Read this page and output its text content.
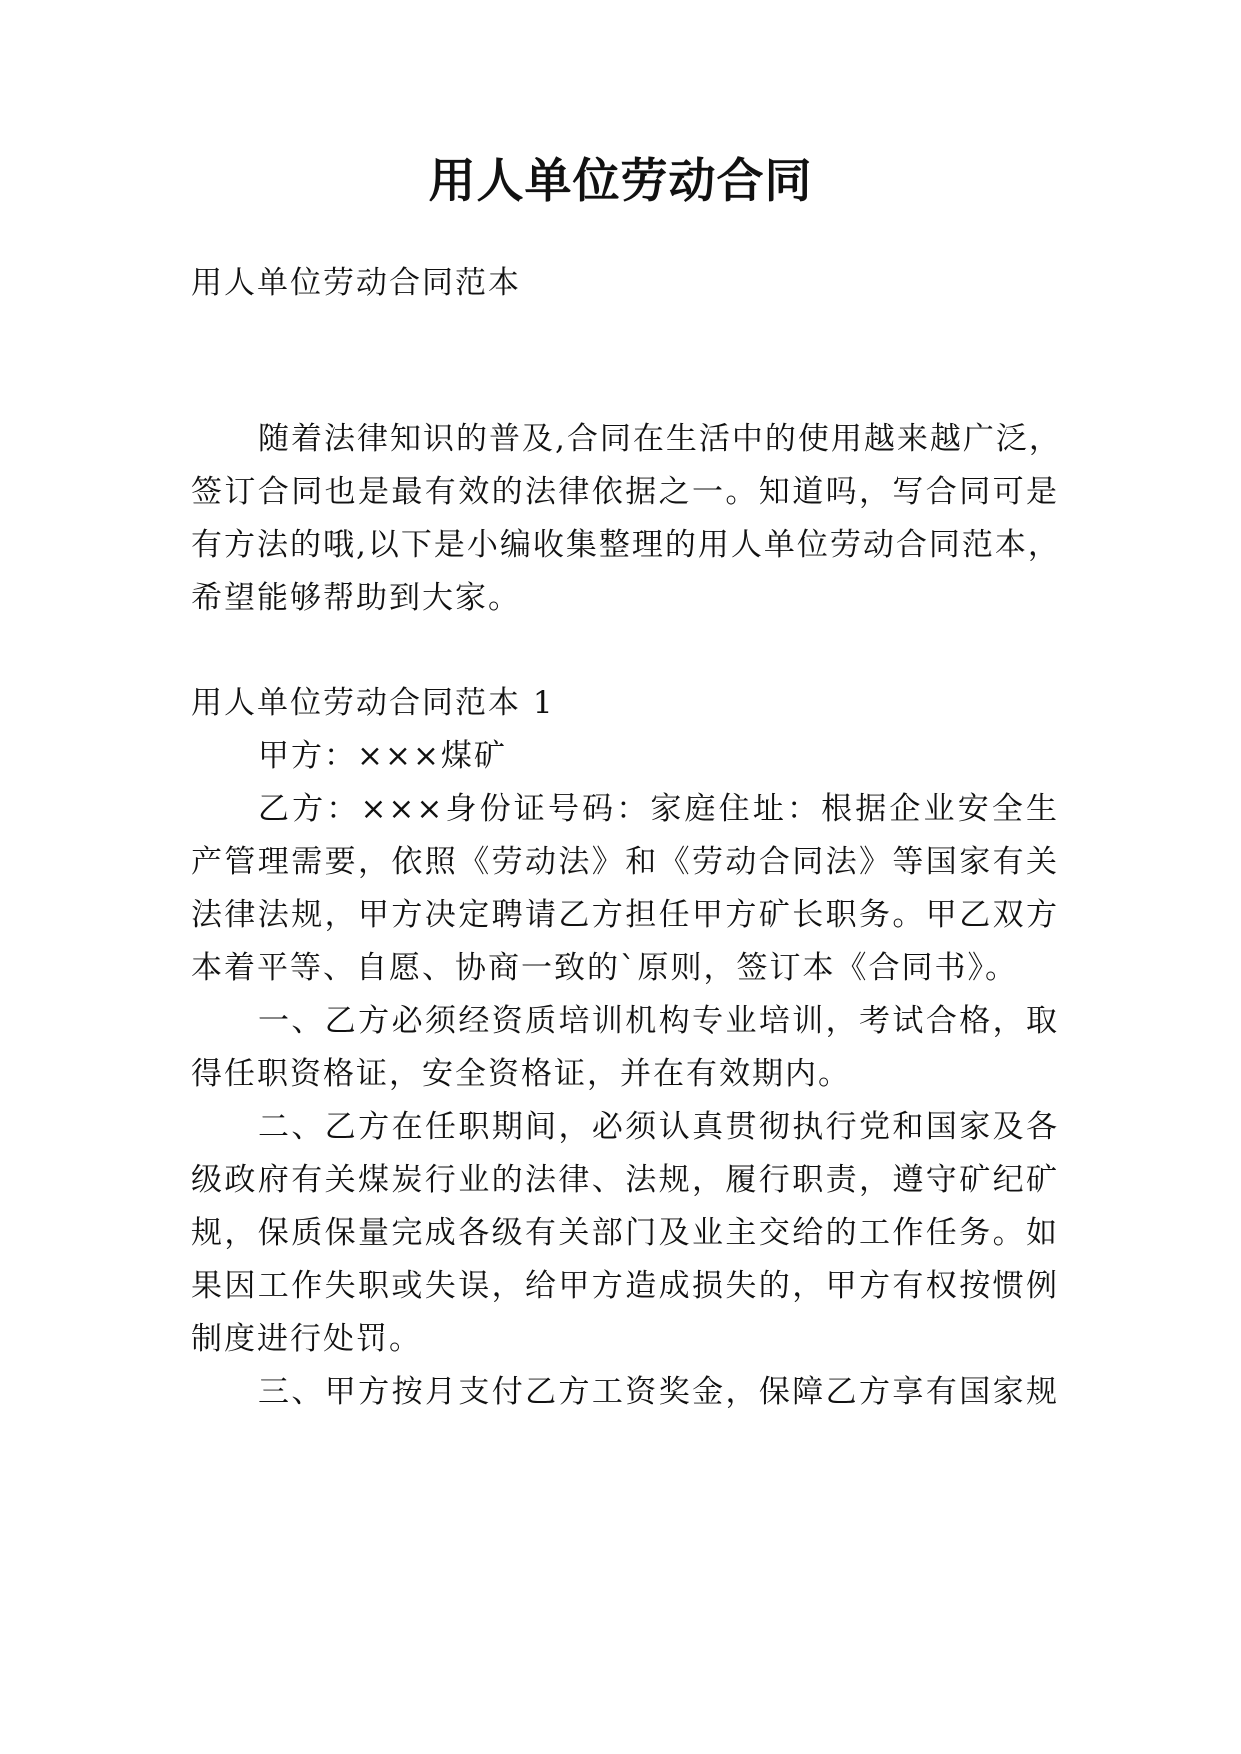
用人单位劳动合同

用人单位劳动合同范本

随着法律知识的普及,合同在生活中的使用越来越广泛，

签订合同也是最有效的法律依据之一。知道吗，写合同可是

有方法的哦,以下是小编收集整理的用人单位劳动合同范本，

希望能够帮助到大家。

用人单位劳动合同范本 1

甲方：×××煤矿

乙方：×××身份证号码：家庭住址：根据企业安全生

产管理需要，依照《劳动法》和《劳动合同法》等国家有关

法律法规，甲方决定聘请乙方担任甲方矿长职务。甲乙双方

本着平等、自愿、协商一致的`原则，签订本《合同书》。

一、乙方必须经资质培训机构专业培训，考试合格，取

得任职资格证，安全资格证，并在有效期内。

二、乙方在任职期间，必须认真贯彻执行党和国家及各

级政府有关煤炭行业的法律、法规，履行职责，遵守矿纪矿

规，保质保量完成各级有关部门及业主交给的工作任务。如

果因工作失职或失误，给甲方造成损失的，甲方有权按惯例

制度进行处罚。

三、甲方按月支付乙方工资奖金，保障乙方享有国家规
